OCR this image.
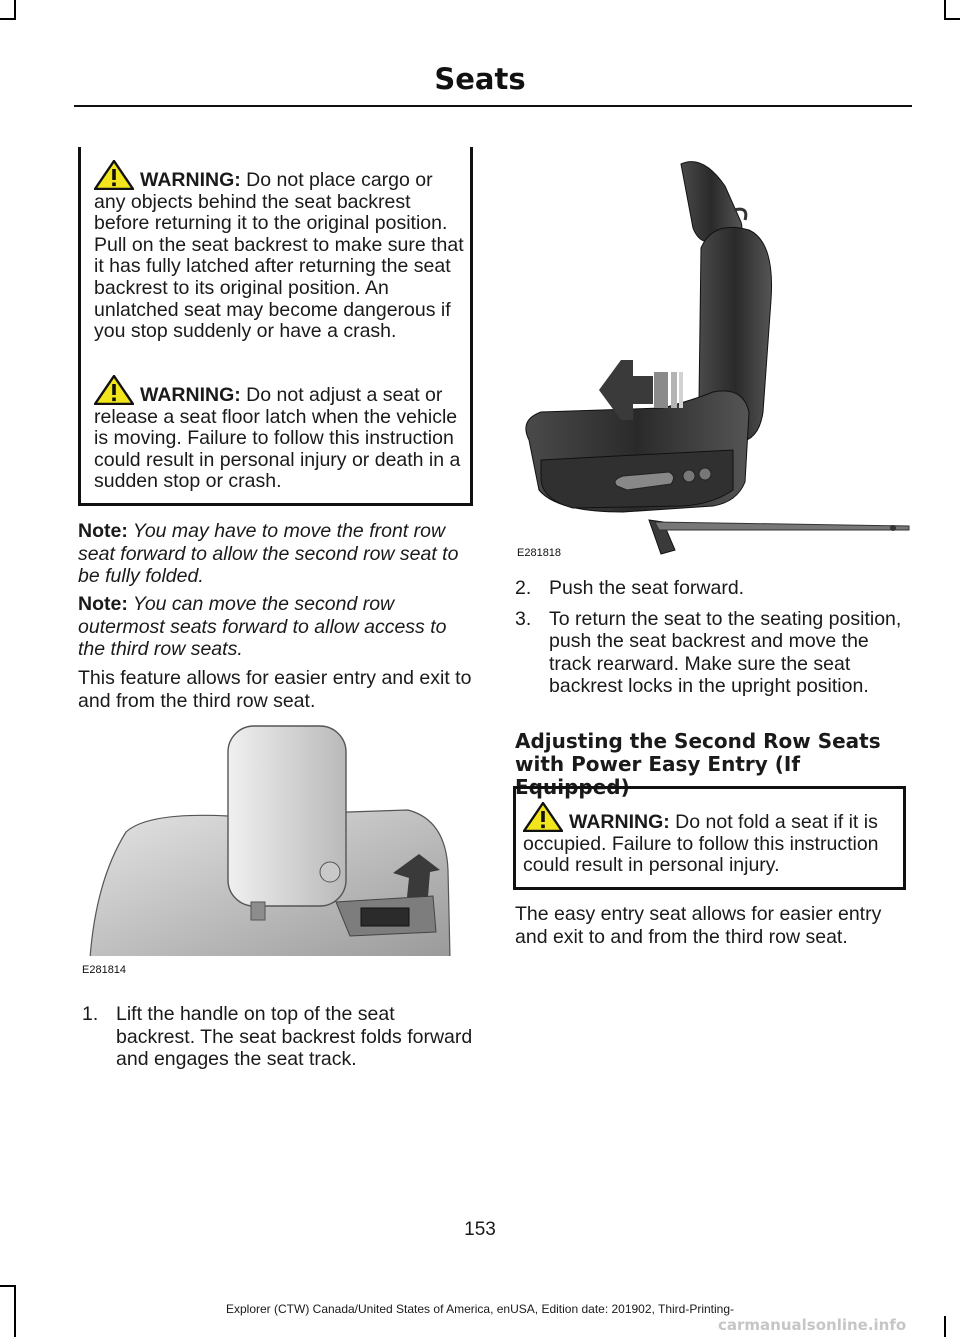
Seats

WARNING: Do not place cargo or any objects behind the seat backrest before returning it to the original position. Pull on the seat backrest to make sure that it has fully latched after returning the seat backrest to its original position. An unlatched seat may become dangerous if you stop suddenly or have a crash.

WARNING: Do not adjust a seat or release a seat floor latch when the vehicle is moving. Failure to follow this instruction could result in personal injury or death in a sudden stop or crash.

Note: You may have to move the front row seat forward to allow the second row seat to be fully folded.

Note: You can move the second row outermost seats forward to allow access to the third row seats.

This feature allows for easier entry and exit to and from the third row seat.

E281814

1. Lift the handle on top of the seat backrest. The seat backrest folds forward and engages the seat track.

E281818

2. Push the seat forward.

3. To return the seat to the seating position, push the seat backrest and move the track rearward. Make sure the seat backrest locks in the upright position.

Adjusting the Second Row Seats with Power Easy Entry (If Equipped)

WARNING: Do not fold a seat if it is occupied. Failure to follow this instruction could result in personal injury.

The easy entry seat allows for easier entry and exit to and from the third row seat.

153
Explorer (CTW) Canada/United States of America, enUSA, Edition date: 201902, Third-Printing-
carmanualsonline.info
